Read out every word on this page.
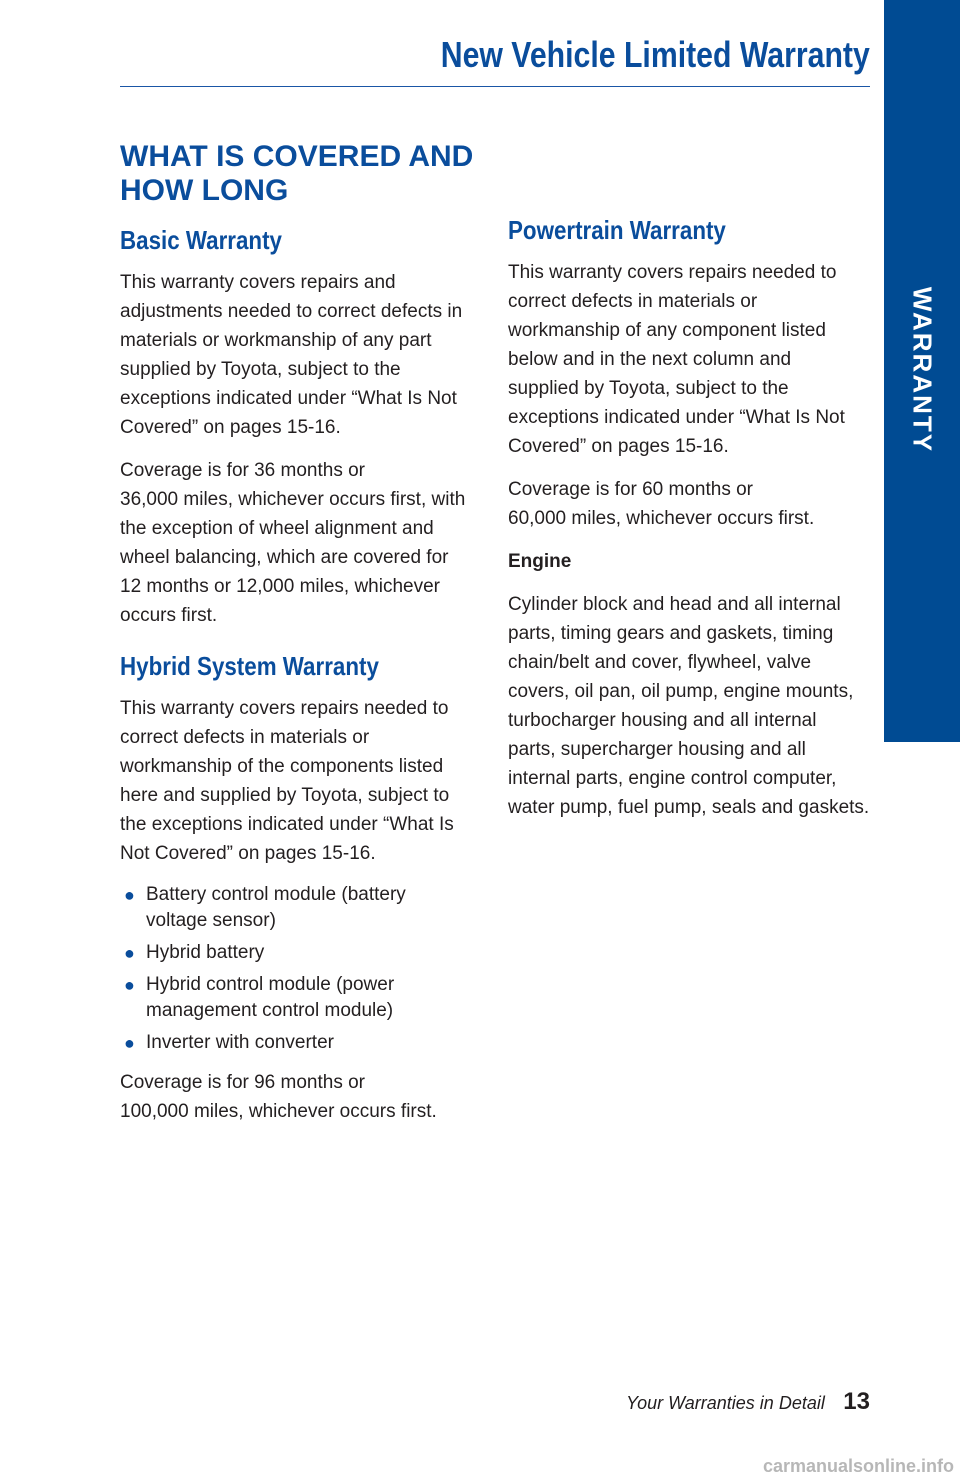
New Vehicle Limited Warranty
WARRANTY
WHAT IS COVERED AND
HOW LONG
Basic Warranty

This warranty covers repairs and
adjustments needed to correct defects in
materials or workmanship of any part
supplied by Toyota, subject to the
exceptions indicated under “What Is Not
Covered” on pages 15-16.

Coverage is for 36 months or
36,000 miles, whichever occurs first, with
the exception of wheel alignment and
wheel balancing, which are covered for
12 months or 12,000 miles, whichever
occurs first.

Hybrid System Warranty

This warranty covers repairs needed to
correct defects in materials or
workmanship of the components listed
here and supplied by Toyota, subject to
the exceptions indicated under “What Is
Not Covered” on pages 15-16.

● Battery control module (battery
voltage sensor)
● Hybrid battery
● Hybrid control module (power
management control module)
● Inverter with converter

Coverage is for 96 months or
100,000 miles, whichever occurs first.

Powertrain Warranty

This warranty covers repairs needed to
correct defects in materials or
workmanship of any component listed
below and in the next column and
supplied by Toyota, subject to the
exceptions indicated under “What Is Not
Covered” on pages 15-16.

Coverage is for 60 months or
60,000 miles, whichever occurs first.

Engine

Cylinder block and head and all internal
parts, timing gears and gaskets, timing
chain/belt and cover, flywheel, valve
covers, oil pan, oil pump, engine mounts,
turbocharger housing and all internal
parts, supercharger housing and all
internal parts, engine control computer,
water pump, fuel pump, seals and gaskets.

Your Warranties in Detail 13
carmanualsonline.info
